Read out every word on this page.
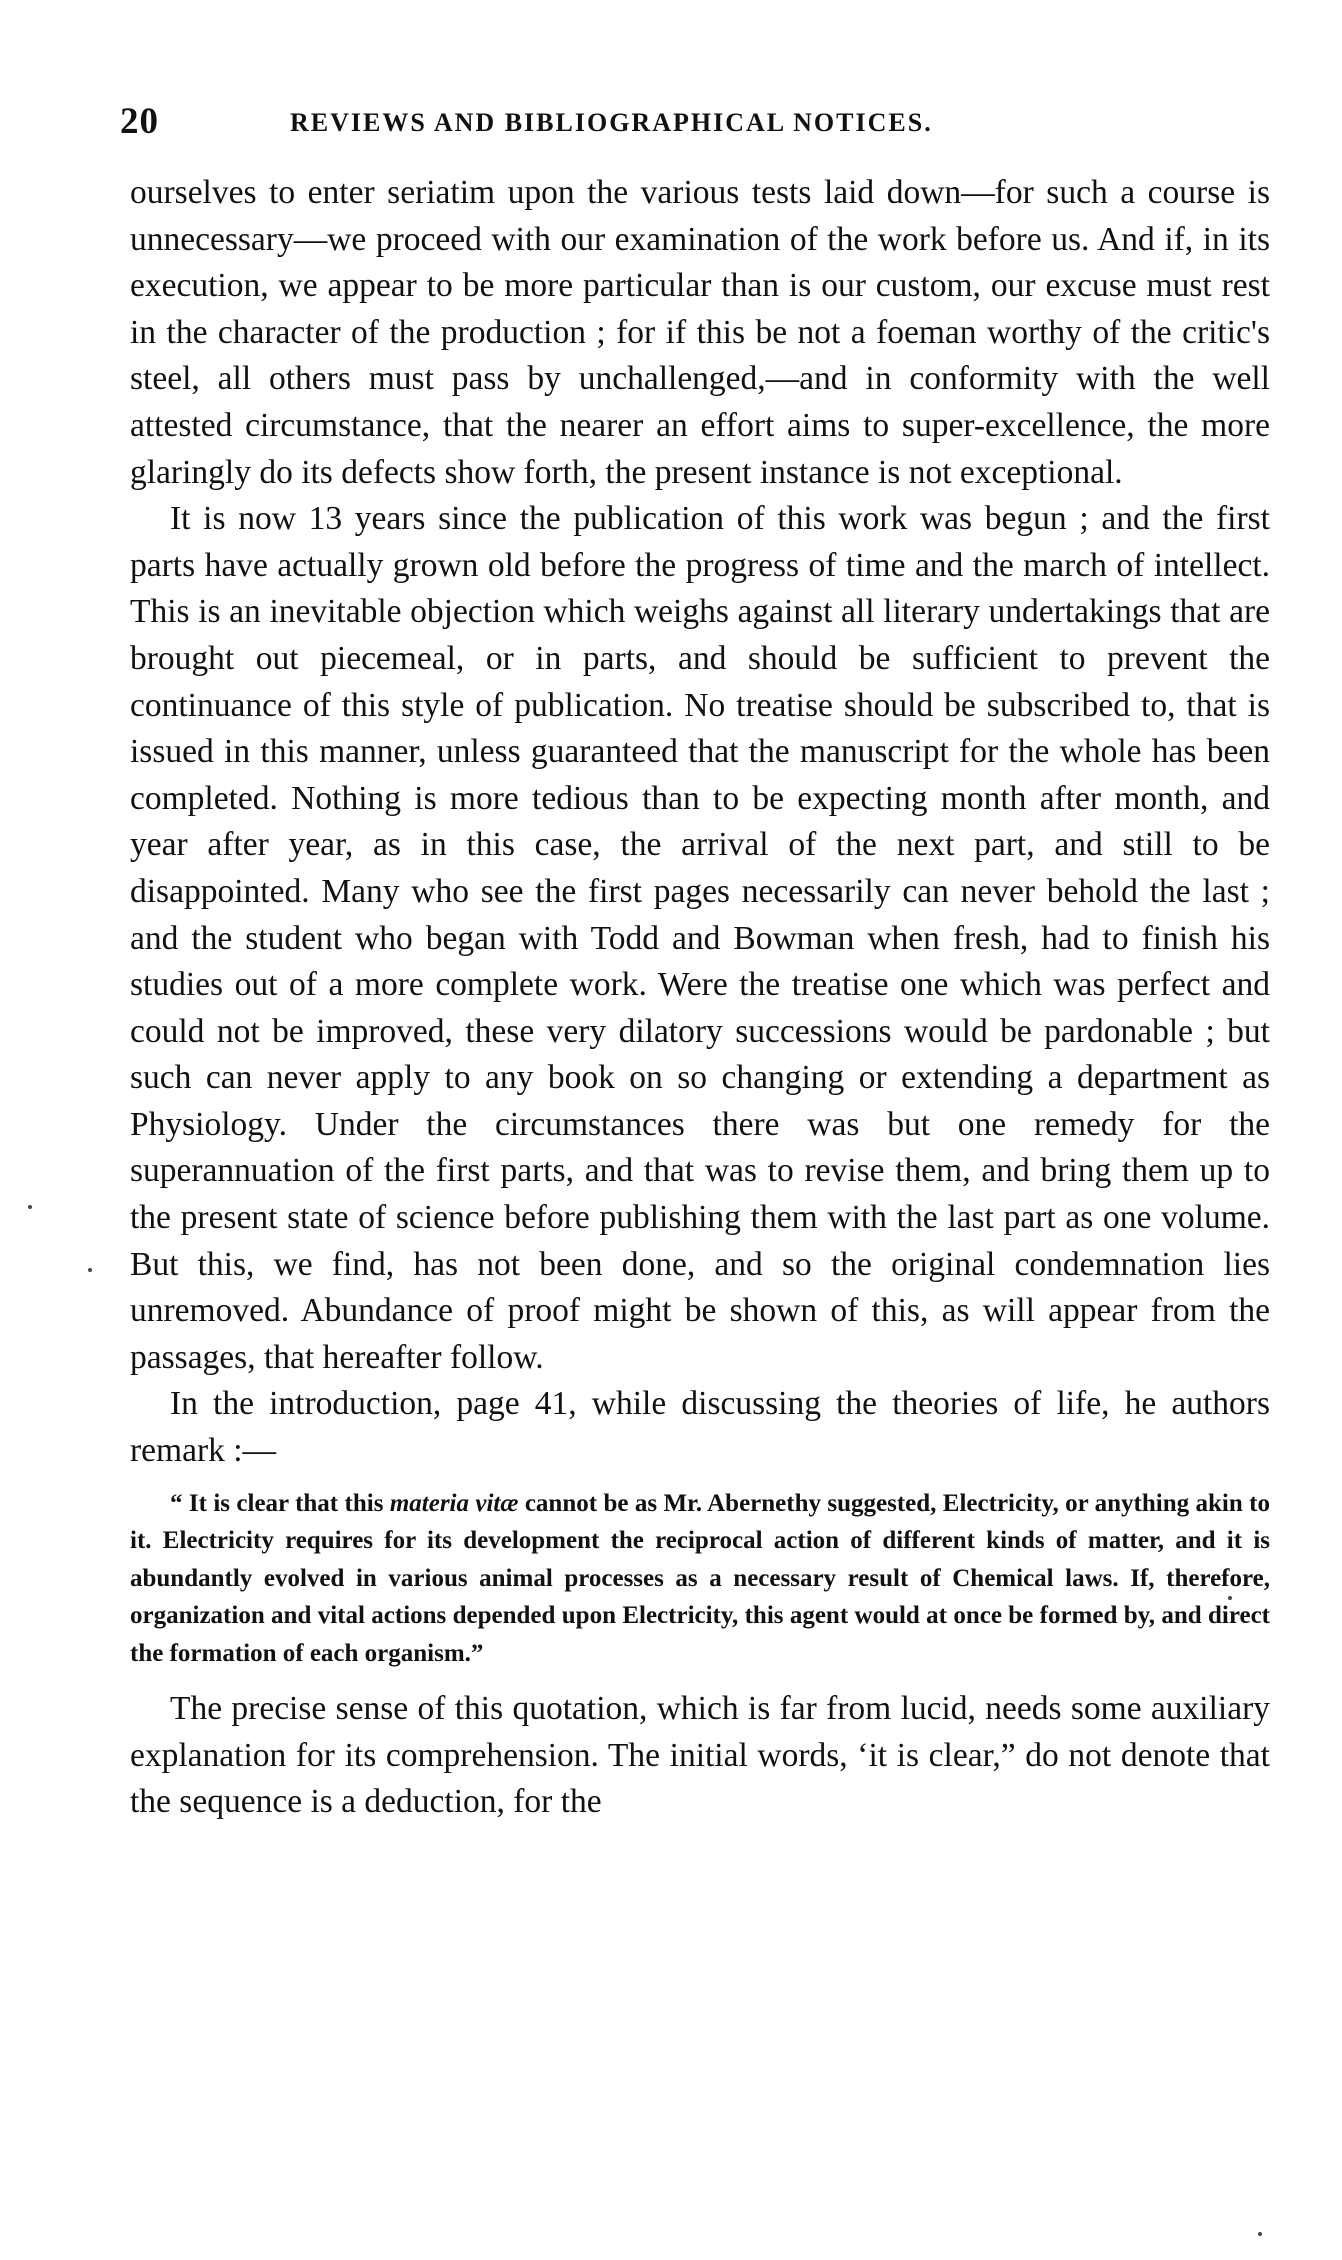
20	REVIEWS AND BIBLIOGRAPHICAL NOTICES.

ourselves to enter seriatim upon the various tests laid down—for such a course is unnecessary—we proceed with our examination of the work before us. And if, in its execution, we appear to be more particular than is our custom, our excuse must rest in the character of the production ; for if this be not a foeman worthy of the critic's steel, all others must pass by unchallenged,—and in conformity with the well attested circumstance, that the nearer an effort aims to super-excellence, the more glaringly do its defects show forth, the present instance is not exceptional.

It is now 13 years since the publication of this work was begun ; and the first parts have actually grown old before the progress of time and the march of intellect. This is an inevitable objection which weighs against all literary undertakings that are brought out piecemeal, or in parts, and should be sufficient to prevent the continuance of this style of publication. No treatise should be subscribed to, that is issued in this manner, unless guaranteed that the manuscript for the whole has been completed. Nothing is more tedious than to be expecting month after month, and year after year, as in this case, the arrival of the next part, and still to be disappointed. Many who see the first pages necessarily can never behold the last ; and the student who began with Todd and Bowman when fresh, had to finish his studies out of a more complete work. Were the treatise one which was perfect and could not be improved, these very dilatory successions would be pardonable ; but such can never apply to any book on so changing or extending a department as Physiology. Under the circumstances there was but one remedy for the superannuation of the first parts, and that was to revise them, and bring them up to the present state of science before publishing them with the last part as one volume. But this, we find, has not been done, and so the original condemnation lies unremoved. Abundance of proof might be shown of this, as will appear from the passages, that hereafter follow.

In the introduction, page 41, while discussing the theories of life, he authors remark :—

“ It is clear that this materia vitæ cannot be as Mr. Abernethy suggested, Electricity, or anything akin to it. Electricity requires for its development the reciprocal action of different kinds of matter, and it is abundantly evolved in various animal processes as a necessary result of Chemical laws. If, therefore, organization and vital actions depended upon Electricity, this agent would at once be formed by, and direct the formation of each organism.”

The precise sense of this quotation, which is far from lucid, needs some auxiliary explanation for its comprehension. The initial words, ‘it is clear,” do not denote that the sequence is a deduction, for the
